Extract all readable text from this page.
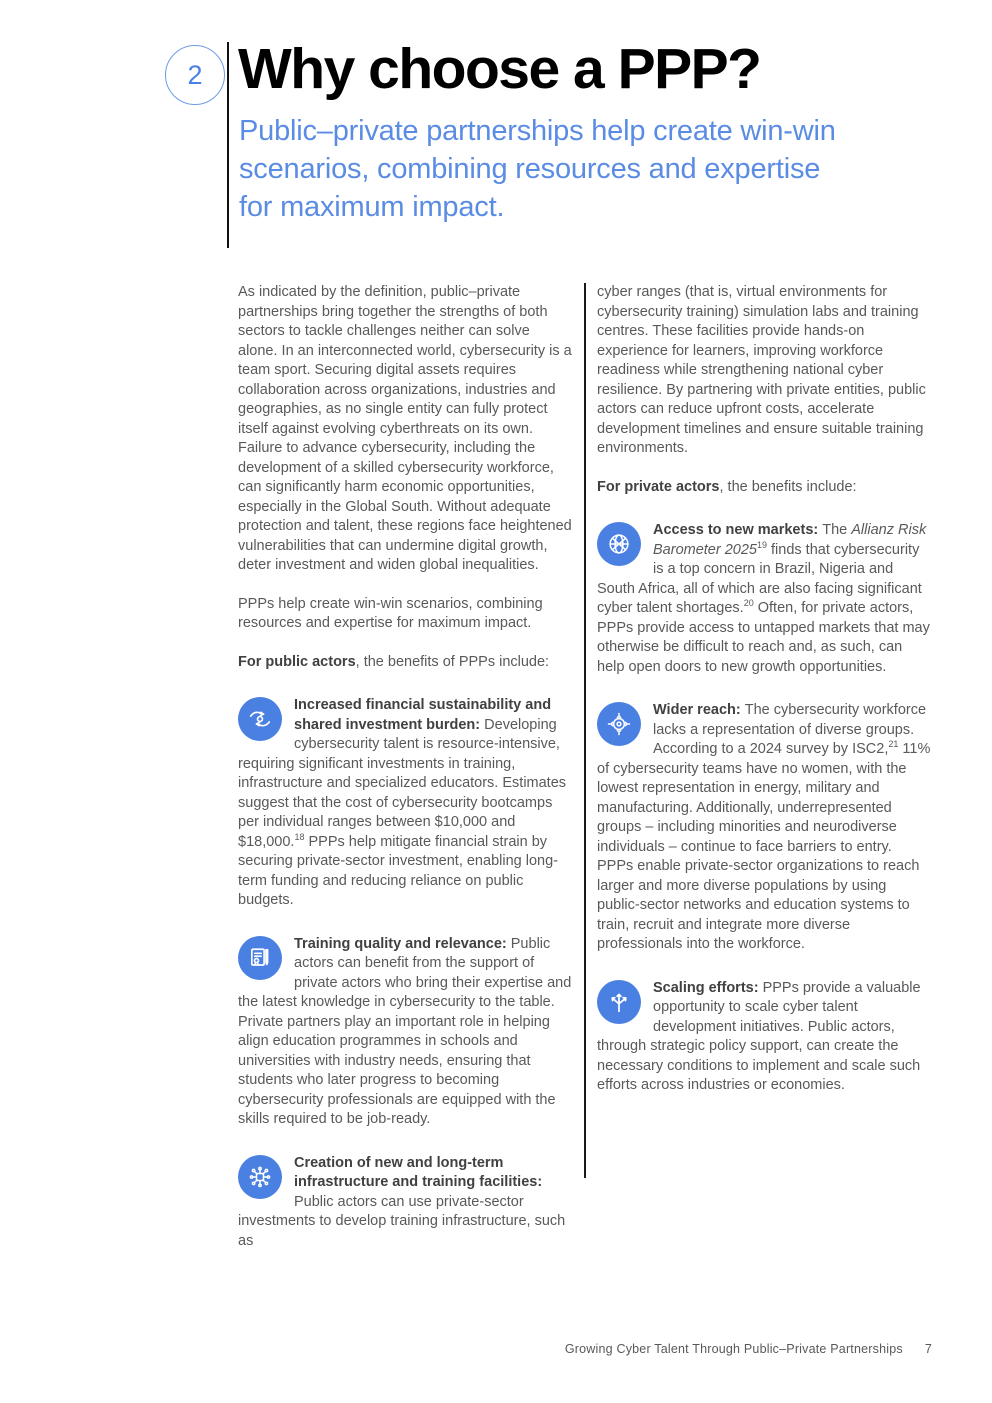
2 Why choose a PPP?
Public–private partnerships help create win-win scenarios, combining resources and expertise for maximum impact.

As indicated by the definition, public–private partnerships bring together the strengths of both sectors to tackle challenges neither can solve alone. In an interconnected world, cybersecurity is a team sport. Securing digital assets requires collaboration across organizations, industries and geographies, as no single entity can fully protect itself against evolving cyberthreats on its own. Failure to advance cybersecurity, including the development of a skilled cybersecurity workforce, can significantly harm economic opportunities, especially in the Global South. Without adequate protection and talent, these regions face heightened vulnerabilities that can undermine digital growth, deter investment and widen global inequalities.

PPPs help create win-win scenarios, combining resources and expertise for maximum impact.

For public actors, the benefits of PPPs include:

Increased financial sustainability and shared investment burden: Developing cybersecurity talent is resource-intensive, requiring significant investments in training, infrastructure and specialized educators. Estimates suggest that the cost of cybersecurity bootcamps per individual ranges between $10,000 and $18,000.18 PPPs help mitigate financial strain by securing private-sector investment, enabling long-term funding and reducing reliance on public budgets.

Training quality and relevance: Public actors can benefit from the support of private actors who bring their expertise and the latest knowledge in cybersecurity to the table. Private partners play an important role in helping align education programmes in schools and universities with industry needs, ensuring that students who later progress to becoming cybersecurity professionals are equipped with the skills required to be job-ready.

Creation of new and long-term infrastructure and training facilities: Public actors can use private-sector investments to develop training infrastructure, such as

cyber ranges (that is, virtual environments for cybersecurity training) simulation labs and training centres. These facilities provide hands-on experience for learners, improving workforce readiness while strengthening national cyber resilience. By partnering with private entities, public actors can reduce upfront costs, accelerate development timelines and ensure suitable training environments.

For private actors, the benefits include:

Access to new markets: The Allianz Risk Barometer 2025$^{19}$ finds that cybersecurity is a top concern in Brazil, Nigeria and South Africa, all of which are also facing significant cyber talent shortages.$^{20}$ Often, for private actors, PPPs provide access to untapped markets that may otherwise be difficult to reach and, as such, can help open doors to new growth opportunities.

Wider reach: The cybersecurity workforce lacks a representation of diverse groups. According to a 2024 survey by ISC2,21 11% of cybersecurity teams have no women, with the lowest representation in energy, military and manufacturing. Additionally, underrepresented groups – including minorities and neurodiverse individuals – continue to face barriers to entry. PPPs enable private-sector organizations to reach larger and more diverse populations by using public-sector networks and education systems to train, recruit and integrate more diverse professionals into the workforce.

Scaling efforts: PPPs provide a valuable opportunity to scale cyber talent development initiatives. Public actors, through strategic policy support, can create the necessary conditions to implement and scale such efforts across industries or economies.

Growing Cyber Talent Through Public–Private Partnerships 7
